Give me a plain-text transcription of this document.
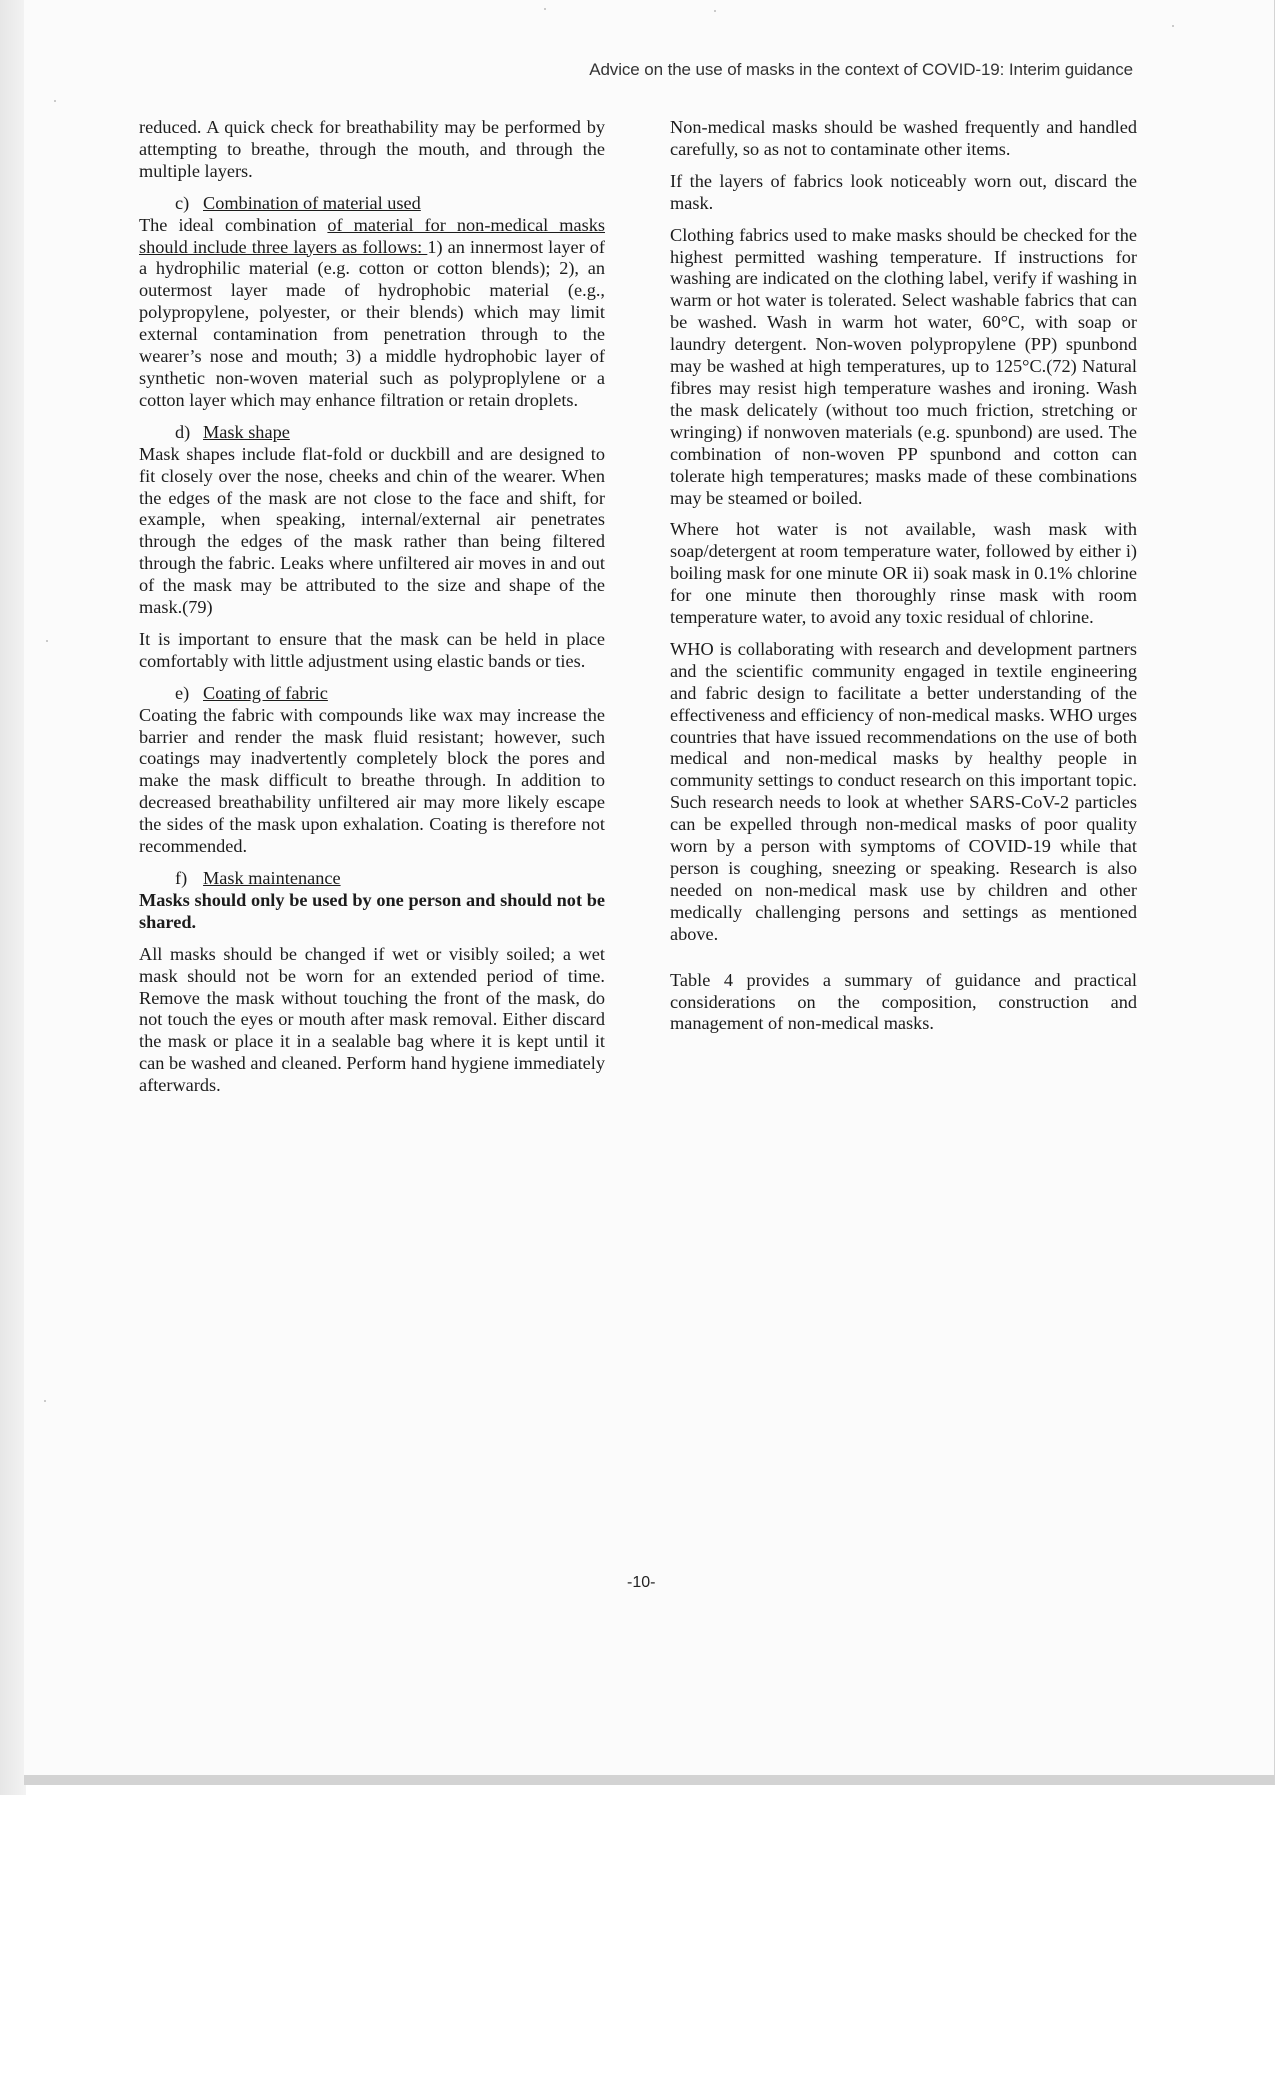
Advice on the use of masks in the context of COVID-19: Interim guidance

reduced. A quick check for breathability may be performed by attempting to breathe, through the mouth, and through the multiple layers.

c) Combination of material used

The ideal combination of material for non-medical masks should include three layers as follows: 1) an innermost layer of a hydrophilic material (e.g. cotton or cotton blends); 2), an outermost layer made of hydrophobic material (e.g., polypropylene, polyester, or their blends) which may limit external contamination from penetration through to the wearer’s nose and mouth; 3) a middle hydrophobic layer of synthetic non-woven material such as polyproplylene or a cotton layer which may enhance filtration or retain droplets.

d) Mask shape

Mask shapes include flat-fold or duckbill and are designed to fit closely over the nose, cheeks and chin of the wearer. When the edges of the mask are not close to the face and shift, for example, when speaking, internal/external air penetrates through the edges of the mask rather than being filtered through the fabric. Leaks where unfiltered air moves in and out of the mask may be attributed to the size and shape of the mask.(79)

It is important to ensure that the mask can be held in place comfortably with little adjustment using elastic bands or ties.

e) Coating of fabric

Coating the fabric with compounds like wax may increase the barrier and render the mask fluid resistant; however, such coatings may inadvertently completely block the pores and make the mask difficult to breathe through. In addition to decreased breathability unfiltered air may more likely escape the sides of the mask upon exhalation. Coating is therefore not recommended.

f) Mask maintenance

Masks should only be used by one person and should not be shared.

All masks should be changed if wet or visibly soiled; a wet mask should not be worn for an extended period of time. Remove the mask without touching the front of the mask, do not touch the eyes or mouth after mask removal. Either discard the mask or place it in a sealable bag where it is kept until it can be washed and cleaned. Perform hand hygiene immediately afterwards.

Non-medical masks should be washed frequently and handled carefully, so as not to contaminate other items.

If the layers of fabrics look noticeably worn out, discard the mask.

Clothing fabrics used to make masks should be checked for the highest permitted washing temperature. If instructions for washing are indicated on the clothing label, verify if washing in warm or hot water is tolerated. Select washable fabrics that can be washed. Wash in warm hot water, 60°C, with soap or laundry detergent. Non-woven polypropylene (PP) spunbond may be washed at high temperatures, up to 125°C.(72) Natural fibres may resist high temperature washes and ironing. Wash the mask delicately (without too much friction, stretching or wringing) if nonwoven materials (e.g. spunbond) are used. The combination of non-woven PP spunbond and cotton can tolerate high temperatures; masks made of these combinations may be steamed or boiled.

Where hot water is not available, wash mask with soap/detergent at room temperature water, followed by either i) boiling mask for one minute OR ii) soak mask in 0.1% chlorine for one minute then thoroughly rinse mask with room temperature water, to avoid any toxic residual of chlorine.

WHO is collaborating with research and development partners and the scientific community engaged in textile engineering and fabric design to facilitate a better understanding of the effectiveness and efficiency of non-medical masks. WHO urges countries that have issued recommendations on the use of both medical and non-medical masks by healthy people in community settings to conduct research on this important topic. Such research needs to look at whether SARS-CoV-2 particles can be expelled through non-medical masks of poor quality worn by a person with symptoms of COVID-19 while that person is coughing, sneezing or speaking. Research is also needed on non-medical mask use by children and other medically challenging persons and settings as mentioned above.

Table 4 provides a summary of guidance and practical considerations on the composition, construction and management of non-medical masks.

-10-
